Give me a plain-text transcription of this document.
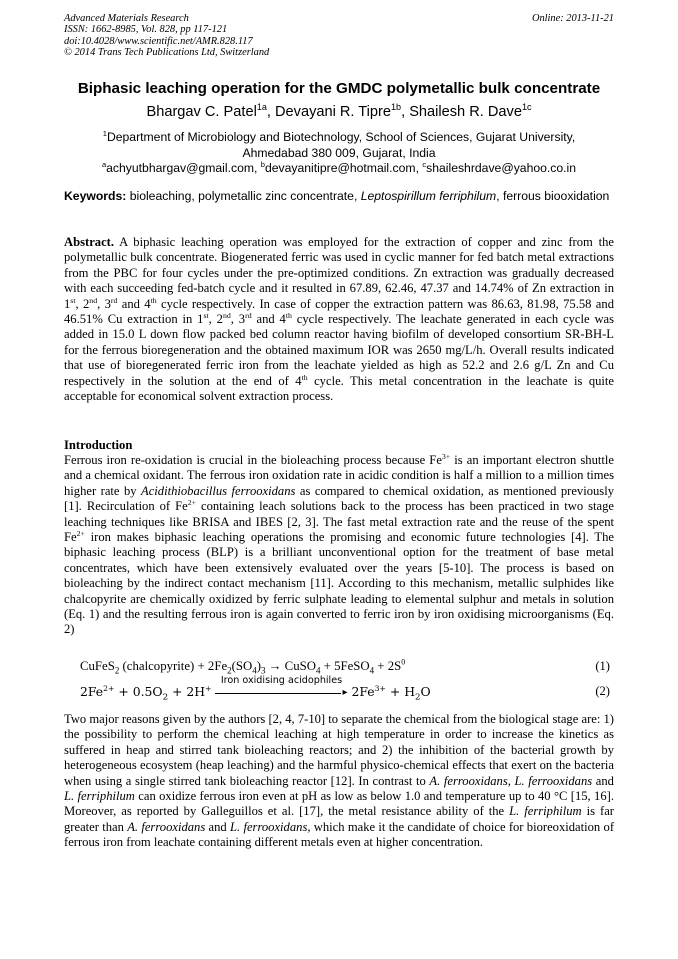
Advanced Materials Research
ISSN: 1662-8985, Vol. 828, pp 117-121
doi:10.4028/www.scientific.net/AMR.828.117
© 2014 Trans Tech Publications Ltd, Switzerland
Online: 2013-11-21
Biphasic leaching operation for the GMDC polymetallic bulk concentrate
Bhargav C. Patel$^{1a}$, Devayani R. Tipre$^{1b}$, Shailesh R. Dave$^{1c}$
$^1$Department of Microbiology and Biotechnology, School of Sciences, Gujarat University,
Ahmedabad 380 009, Gujarat, India
$^a$achyutbhargav@gmail.com, $^b$devayanitipre@hotmail.com, $^c$shaileshrdave@yahoo.co.in
Keywords: bioleaching, polymetallic zinc concentrate, Leptospirillum ferriphilum, ferrous biooxidation

Abstract. A biphasic leaching operation was employed for the extraction of copper and zinc from the polymetallic bulk concentrate. Biogenerated ferric was used in cyclic manner for fed batch metal extractions from the PBC for four cycles under the pre-optimized conditions. Zn extraction was gradually decreased with each succeeding fed-batch cycle and it resulted in 67.89, 62.46, 47.37 and 14.74% of Zn extraction in 1st, 2nd, 3rd and 4th cycle respectively. In case of copper the extraction pattern was 86.63, 81.98, 75.58 and 46.51% Cu extraction in 1st, 2nd, 3rd and 4th cycle respectively. The leachate generated in each cycle was added in 15.0 L down flow packed bed column reactor having biofilm of developed consortium SR-BH-L for the ferrous bioregeneration and the obtained maximum IOR was 2650 mg/L/h. Overall results indicated that use of bioregenerated ferric iron from the leachate yielded as high as 52.2 and 2.6 g/L Zn and Cu respectively in the solution at the end of 4th cycle. This metal concentration in the leachate is quite acceptable for economical solvent extraction process.

Introduction

Ferrous iron re-oxidation is crucial in the bioleaching process because $Fe^{3+}$ is an important electron shuttle and a chemical oxidant. The ferrous iron oxidation rate in acidic condition is half a million to a million times higher rate by Acidithiobacillus ferrooxidans as compared to chemical oxidation, as mentioned previously [1]. Recirculation of $Fe^{2+}$ containing leach solutions back to the process has been practiced in two stage leaching techniques like BRISA and IBES [2, 3]. The fast metal extraction rate and the reuse of the spent $Fe^{2+}$ iron makes biphasic leaching operations the promising and economic future technologies [4]. The biphasic leaching process (BLP) is a brilliant unconventional option for the treatment of base metal concentrates, which have been extensively evaluated over the years [5-10]. The process is based on bioleaching by the indirect contact mechanism [11]. According to this mechanism, metallic sulphides like chalcopyrite are chemically oxidized by ferric sulphate leading to elemental sulphur and metals in solution (Eq. 1) and the resulting ferrous iron is again converted to ferric iron by iron oxidising microorganisms (Eq. 2)

CuFeS$_2$ (chalcopyrite) + $2Fe_2(SO_4)_3$ → CuSO$_4$ + 5FeSO$_4$ + $2S^0$	(1)
$2Fe^{2+} + 0.5O_2 + 2H^+$
Iron oxidising acidophiles
▸ $2Fe^{3+} + H_2O$	(2)

Two major reasons given by the authors [2, 4, 7-10] to separate the chemical from the biological stage are: 1) the possibility to perform the chemical leaching at high temperature in order to increase the kinetics as suffered in heap and stirred tank bioleaching reactors; and 2) the inhibition of the bacterial growth by heterogeneous ecosystem (heap leaching) and the harmful physico-chemical effects that exert on the bacteria when using a single stirred tank bioleaching reactor [12]. In contrast to A. ferrooxidans, L. ferrooxidans and L. ferriphilum can oxidize ferrous iron even at pH as low as below 1.0 and temperature up to 40 °C [15, 16]. Moreover, as reported by Galleguillos et al. [17], the metal resistance ability of the L. ferriphilum is far greater than A. ferrooxidans and L. ferrooxidans, which make it the candidate of choice for bioreoxidation of ferrous iron from leachate containing different metals even at higher concentration.
